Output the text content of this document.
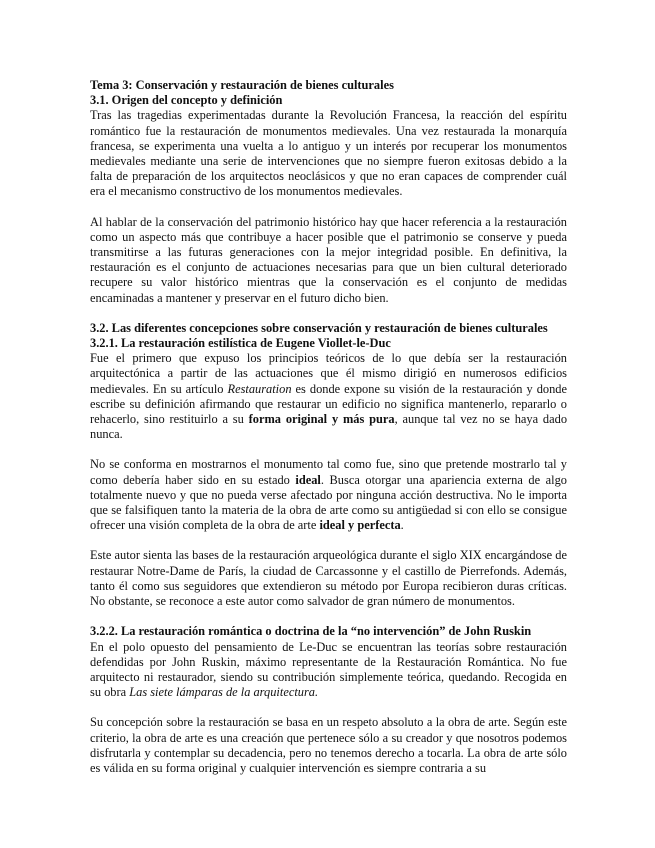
Tema 3: Conservación y restauración de bienes culturales
3.1. Origen del concepto y definición

Tras las tragedias experimentadas durante la Revolución Francesa, la reacción del espíritu romántico fue la restauración de monumentos medievales. Una vez restaurada la monarquía francesa, se experimenta una vuelta a lo antiguo y un interés por recuperar los monumentos medievales mediante una serie de intervenciones que no siempre fueron exitosas debido a la falta de preparación de los arquitectos neoclásicos y que no eran capaces de comprender cuál era el mecanismo constructivo de los monumentos medievales.

Al hablar de la conservación del patrimonio histórico hay que hacer referencia a la restauración como un aspecto más que contribuye a hacer posible que el patrimonio se conserve y pueda transmitirse a las futuras generaciones con la mejor integridad posible. En definitiva, la restauración es el conjunto de actuaciones necesarias para que un bien cultural deteriorado recupere su valor histórico mientras que la conservación es el conjunto de medidas encaminadas a mantener y preservar en el futuro dicho bien.

3.2. Las diferentes concepciones sobre conservación y restauración de bienes culturales
3.2.1. La restauración estilística de Eugene Viollet-le-Duc

Fue el primero que expuso los principios teóricos de lo que debía ser la restauración arquitectónica a partir de las actuaciones que él mismo dirigió en numerosos edificios medievales. En su artículo Restauration es donde expone su visión de la restauración y donde escribe su definición afirmando que restaurar un edificio no significa mantenerlo, repararlo o rehacerlo, sino restituirlo a su forma original y más pura, aunque tal vez no se haya dado nunca.

No se conforma en mostrarnos el monumento tal como fue, sino que pretende mostrarlo tal y como debería haber sido en su estado ideal. Busca otorgar una apariencia externa de algo totalmente nuevo y que no pueda verse afectado por ninguna acción destructiva. No le importa que se falsifiquen tanto la materia de la obra de arte como su antigüedad si con ello se consigue ofrecer una visión completa de la obra de arte ideal y perfecta.

Este autor sienta las bases de la restauración arqueológica durante el siglo XIX encargándose de restaurar Notre-Dame de París, la ciudad de Carcassonne y el castillo de Pierrefonds. Además, tanto él como sus seguidores que extendieron su método por Europa recibieron duras críticas. No obstante, se reconoce a este autor como salvador de gran número de monumentos.

3.2.2. La restauración romántica o doctrina de la “no intervención” de John Ruskin

En el polo opuesto del pensamiento de Le-Duc se encuentran las teorías sobre restauración defendidas por John Ruskin, máximo representante de la Restauración Romántica. No fue arquitecto ni restaurador, siendo su contribución simplemente teórica, quedando. Recogida en su obra Las siete lámparas de la arquitectura.

Su concepción sobre la restauración se basa en un respeto absoluto a la obra de arte. Según este criterio, la obra de arte es una creación que pertenece sólo a su creador y que nosotros podemos disfrutarla y contemplar su decadencia, pero no tenemos derecho a tocarla. La obra de arte sólo es válida en su forma original y cualquier intervención es siempre contraria a su
